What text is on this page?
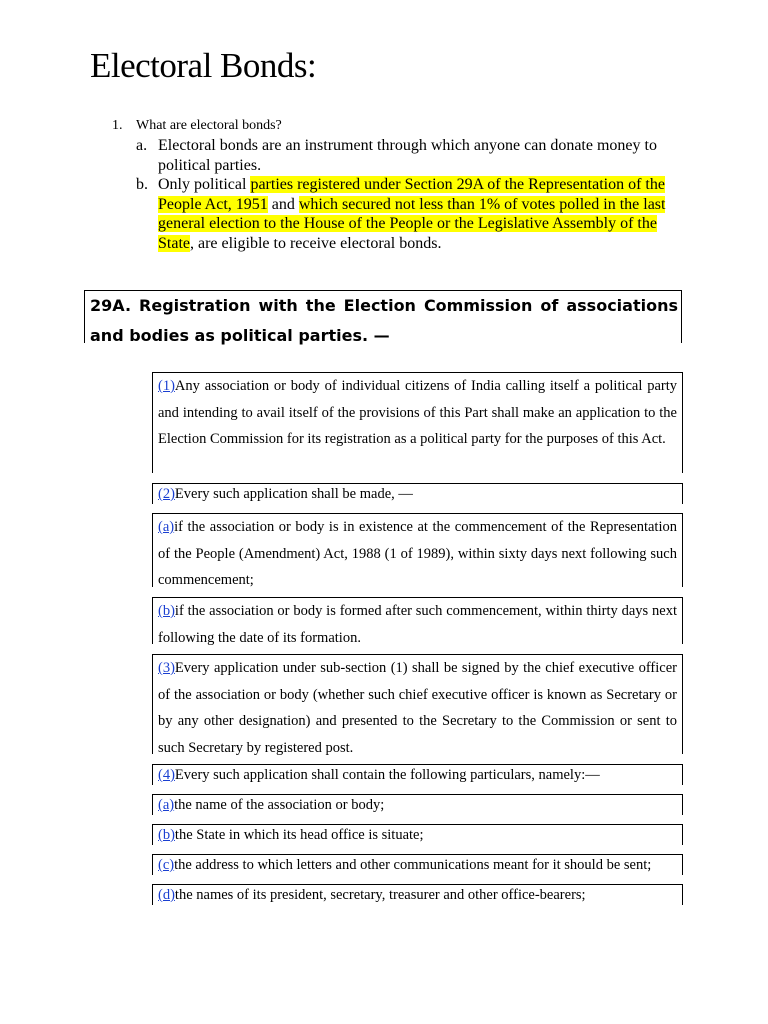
Electoral Bonds:
1. What are electoral bonds?
a. Electoral bonds are an instrument through which anyone can donate money to political parties.
b. Only political parties registered under Section 29A of the Representation of the People Act, 1951 and which secured not less than 1% of votes polled in the last general election to the House of the People or the Legislative Assembly of the State, are eligible to receive electoral bonds.
29A. Registration with the Election Commission of associations and bodies as political parties. —
(1)Any association or body of individual citizens of India calling itself a political party and intending to avail itself of the provisions of this Part shall make an application to the Election Commission for its registration as a political party for the purposes of this Act.
(2)Every such application shall be made, —
(a)if the association or body is in existence at the commencement of the Representation of the People (Amendment) Act, 1988 (1 of 1989), within sixty days next following such commencement;
(b)if the association or body is formed after such commencement, within thirty days next following the date of its formation.
(3)Every application under sub-section (1) shall be signed by the chief executive officer of the association or body (whether such chief executive officer is known as Secretary or by any other designation) and presented to the Secretary to the Commission or sent to such Secretary by registered post.
(4)Every such application shall contain the following particulars, namely:—
(a)the name of the association or body;
(b)the State in which its head office is situate;
(c)the address to which letters and other communications meant for it should be sent;
(d)the names of its president, secretary, treasurer and other office-bearers;
